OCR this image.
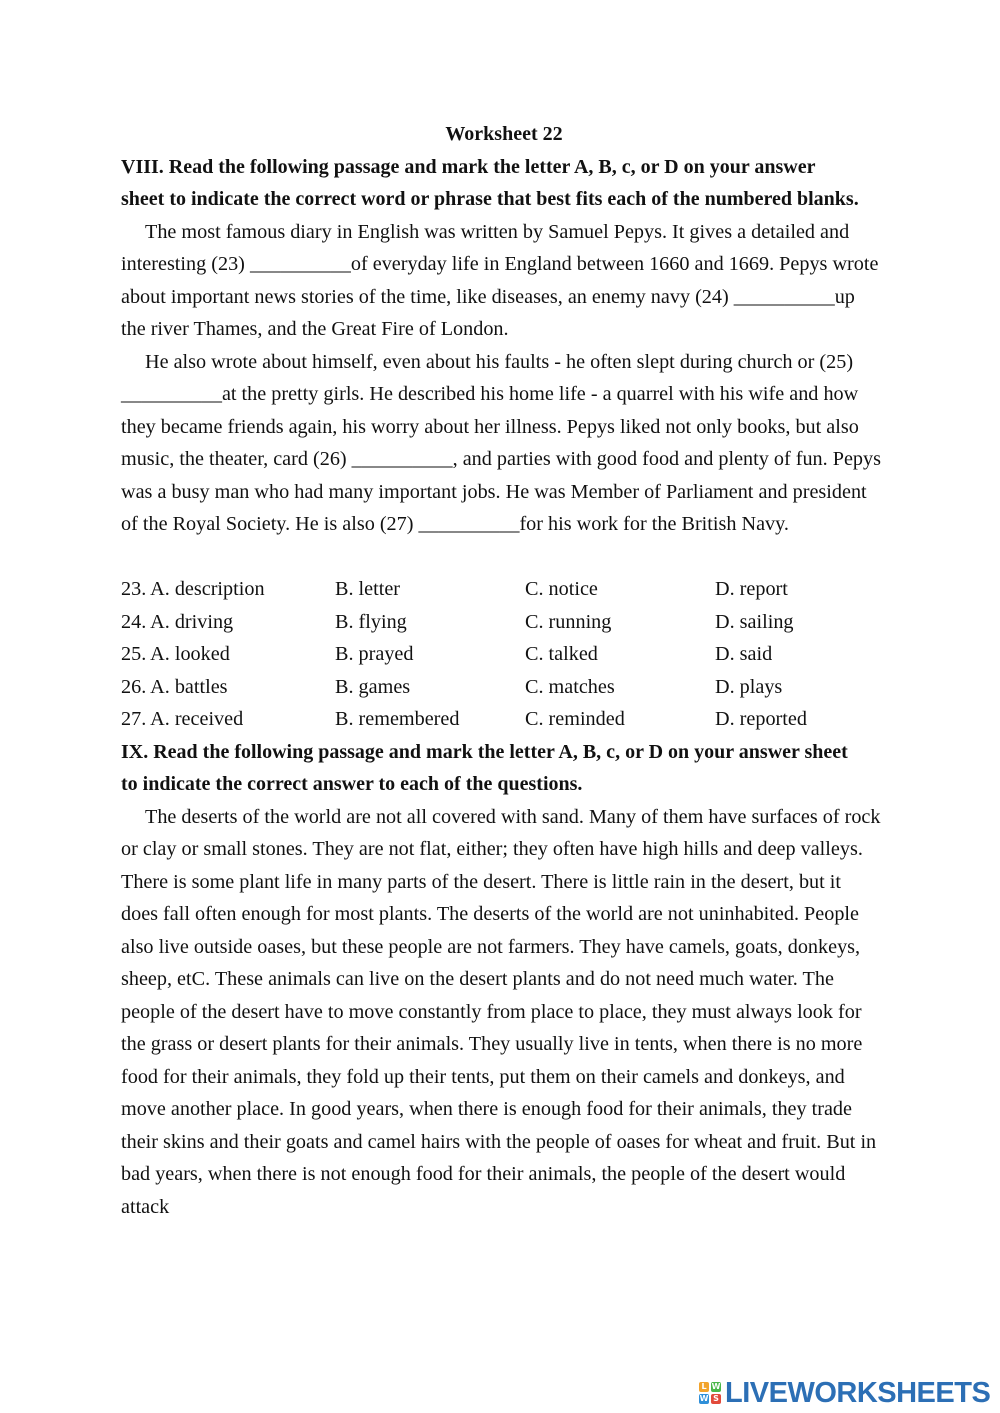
Worksheet 22
VIII. Read the following passage and mark the letter A, B, c, or D on your answer sheet to indicate the correct word or phrase that best fits each of the numbered blanks.

The most famous diary in English was written by Samuel Pepys. It gives a detailed and interesting (23) __________of everyday life in England between 1660 and 1669. Pepys wrote about important news stories of the time, like diseases, an enemy navy (24) __________up the river Thames, and the Great Fire of London.

He also wrote about himself, even about his faults - he often slept during church or (25) __________at the pretty girls. He described his home life - a quarrel with his wife and how they became friends again, his worry about her illness. Pepys liked not only books, but also music, the theater, card (26) __________, and parties with good food and plenty of fun. Pepys was a busy man who had many important jobs. He was Member of Parliament and president of the Royal Society. He is also (27) __________for his work for the British Navy.

23. A. description	B. letter	C. notice	D. report
24. A. driving	B. flying	C. running	D. sailing
25. A. looked	B. prayed	C. talked	D. said
26. A. battles	B. games	C. matches	D. plays
27. A. received	B. remembered	C. reminded	D. reported
IX. Read the following passage and mark the letter A, B, c, or D on your answer sheet to indicate the correct answer to each of the questions.

The deserts of the world are not all covered with sand. Many of them have surfaces of rock or clay or small stones. They are not flat, either; they often have high hills and deep valleys. There is some plant life in many parts of the desert. There is little rain in the desert, but it does fall often enough for most plants. The deserts of the world are not uninhabited. People also live outside oases, but these people are not farmers. They have camels, goats, donkeys, sheep, etC. These animals can live on the desert plants and do not need much water. The people of the desert have to move constantly from place to place, they must always look for the grass or desert plants for their animals. They usually live in tents, when there is no more food for their animals, they fold up their tents, put them on their camels and donkeys, and move another place. In good years, when there is enough food for their animals, they trade their skins and their goats and camel hairs with the people of oases for wheat and fruit. But in bad years, when there is not enough food for their animals, the people of the desert would attack

L W
W S LIVEWORKSHEETS
